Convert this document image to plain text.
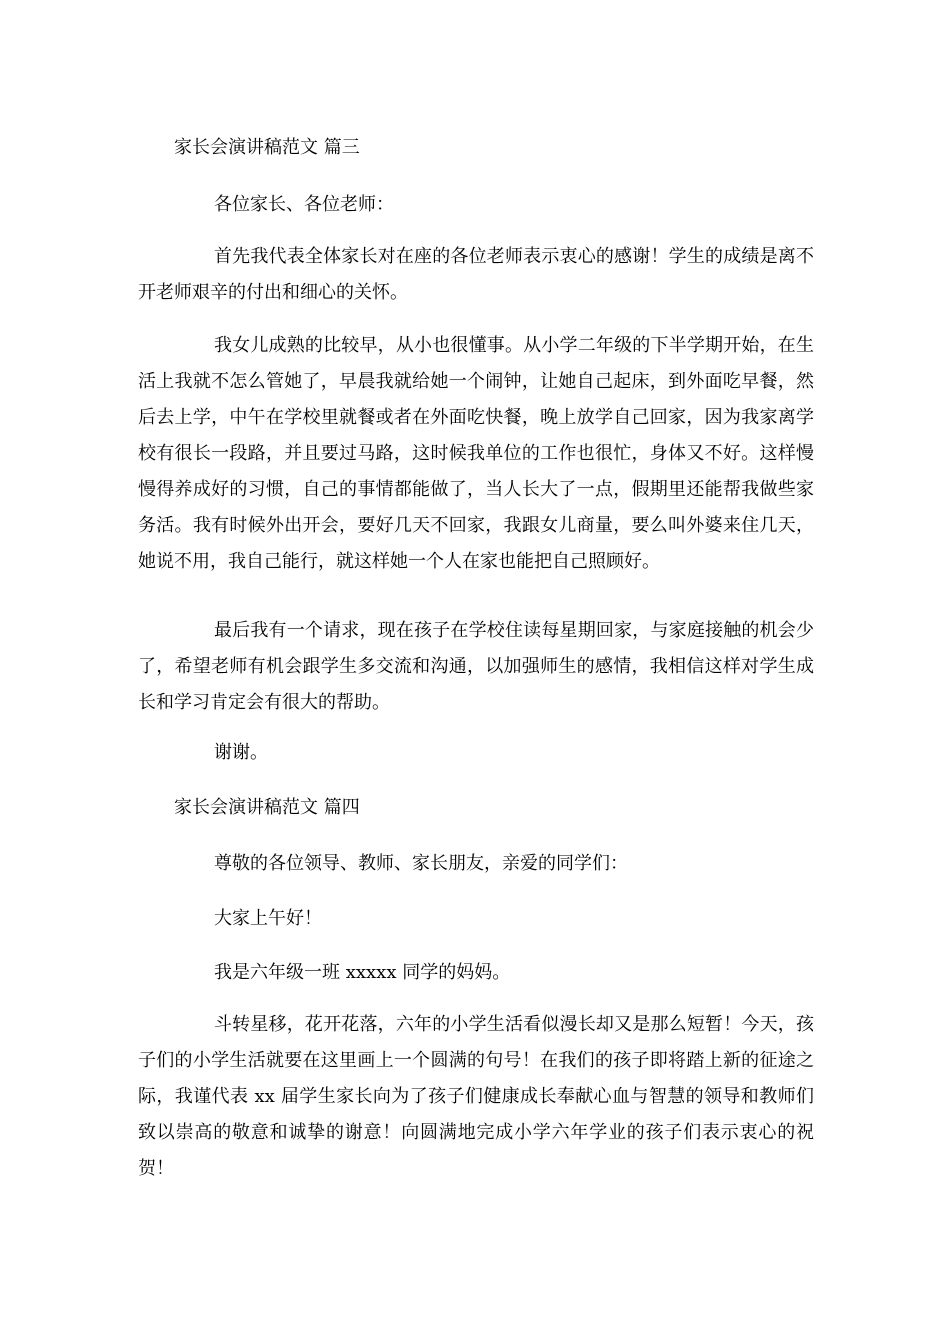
家长会演讲稿范文 篇三
各位家长、各位老师：

首先我代表全体家长对在座的各位老师表示衷心的感谢！学生的成绩是离不开老师艰辛的付出和细心的关怀。

我女儿成熟的比较早，从小也很懂事。从小学二年级的下半学期开始，在生活上我就不怎么管她了，早晨我就给她一个闹钟，让她自己起床，到外面吃早餐，然后去上学，中午在学校里就餐或者在外面吃快餐，晚上放学自己回家，因为我家离学校有很长一段路，并且要过马路，这时候我单位的工作也很忙，身体又不好。这样慢慢得养成好的习惯，自己的事情都能做了，当人长大了一点，假期里还能帮我做些家务活。我有时候外出开会，要好几天不回家，我跟女儿商量，要么叫外婆来住几天，她说不用，我自己能行，就这样她一个人在家也能把自己照顾好。

最后我有一个请求，现在孩子在学校住读每星期回家，与家庭接触的机会少了，希望老师有机会跟学生多交流和沟通，以加强师生的感情，我相信这样对学生成长和学习肯定会有很大的帮助。

谢谢。
家长会演讲稿范文 篇四
尊敬的各位领导、教师、家长朋友，亲爱的同学们：
大家上午好！
我是六年级一班 xxxxx 同学的妈妈。

斗转星移，花开花落，六年的小学生活看似漫长却又是那么短暂！今天，孩子们的小学生活就要在这里画上一个圆满的句号！在我们的孩子即将踏上新的征途之际，我谨代表 xx 届学生家长向为了孩子们健康成长奉献心血与智慧的领导和教师们致以崇高的敬意和诚挚的谢意！向圆满地完成小学六年学业的孩子们表示衷心的祝贺！
